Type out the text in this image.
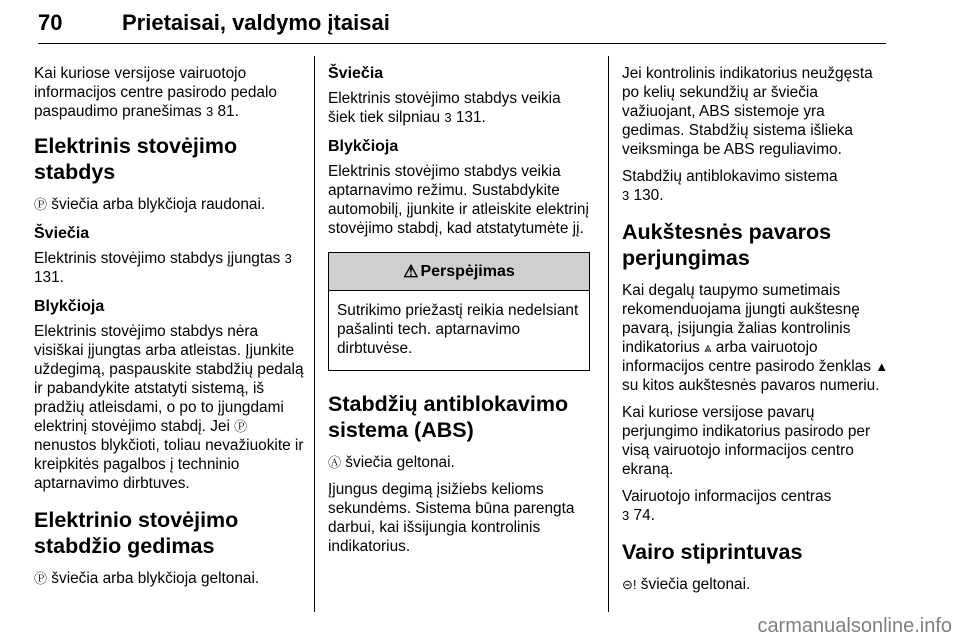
70	Prietaisai, valdymo įtaisai

Kai kuriose versijose vairuotojo informacijos centre pasirodo pedalo paspaudimo pranešimas 3 81.

Elektrinis stovėjimo stabdys

Ⓟ šviečia arba blykčioja raudonai.

Šviečia

Elektrinis stovėjimo stabdys įjungtas 3 131.

Blykčioja

Elektrinis stovėjimo stabdys nėra visiškai įjungtas arba atleistas. Įjunkite uždegimą, paspauskite stabdžių pedalą ir pabandykite atstatyti sistemą, iš pradžių atleisdami, o po to įjungdami elektrinį stovėjimo stabdį. Jei Ⓟ nenustos blykčioti, toliau nevažiuokite ir kreipkitės pagalbos į techninio aptarnavimo dirbtuves.

Elektrinio stovėjimo stabdžio gedimas

Ⓟ šviečia arba blykčioja geltonai.

Šviečia

Elektrinis stovėjimo stabdys veikia šiek tiek silpniau 3 131.

Blykčioja

Elektrinis stovėjimo stabdys veikia aptarnavimo režimu. Sustabdykite automobilį, įjunkite ir atleiskite elektrinį stovėjimo stabdį, kad atstatytumėte jį.

⚠ Perspėjimas

Sutrikimo priežastį reikia nedelsiant pašalinti tech. aptarnavimo dirbtuvėse.

Stabdžių antiblokavimo sistema (ABS)

Ⓐ šviečia geltonai.

Įjungus degimą įsižiebs kelioms sekundėms. Sistema būna parengta darbui, kai išsijungia kontrolinis indikatorius.

Jei kontrolinis indikatorius neužgęsta po kelių sekundžių ar šviečia važiuojant, ABS sistemoje yra gedimas. Stabdžių sistema išlieka veiksminga be ABS reguliavimo.

Stabdžių antiblokavimo sistema
3 130.

Aukštesnės pavaros perjungimas

Kai degalų taupymo sumetimais rekomenduojama įjungti aukštesnę pavarą, įsijungia žalias kontrolinis indikatorius ⩓ arba vairuotojo informacijos centre pasirodo ženklas ▲ su kitos aukštesnės pavaros numeriu.

Kai kuriose versijose pavarų perjungimo indikatorius pasirodo per visą vairuotojo informacijos centro ekraną.

Vairuotojo informacijos centras
3 74.

Vairo stiprintuvas

⊝! šviečia geltonai.

carmanualsonline.info
